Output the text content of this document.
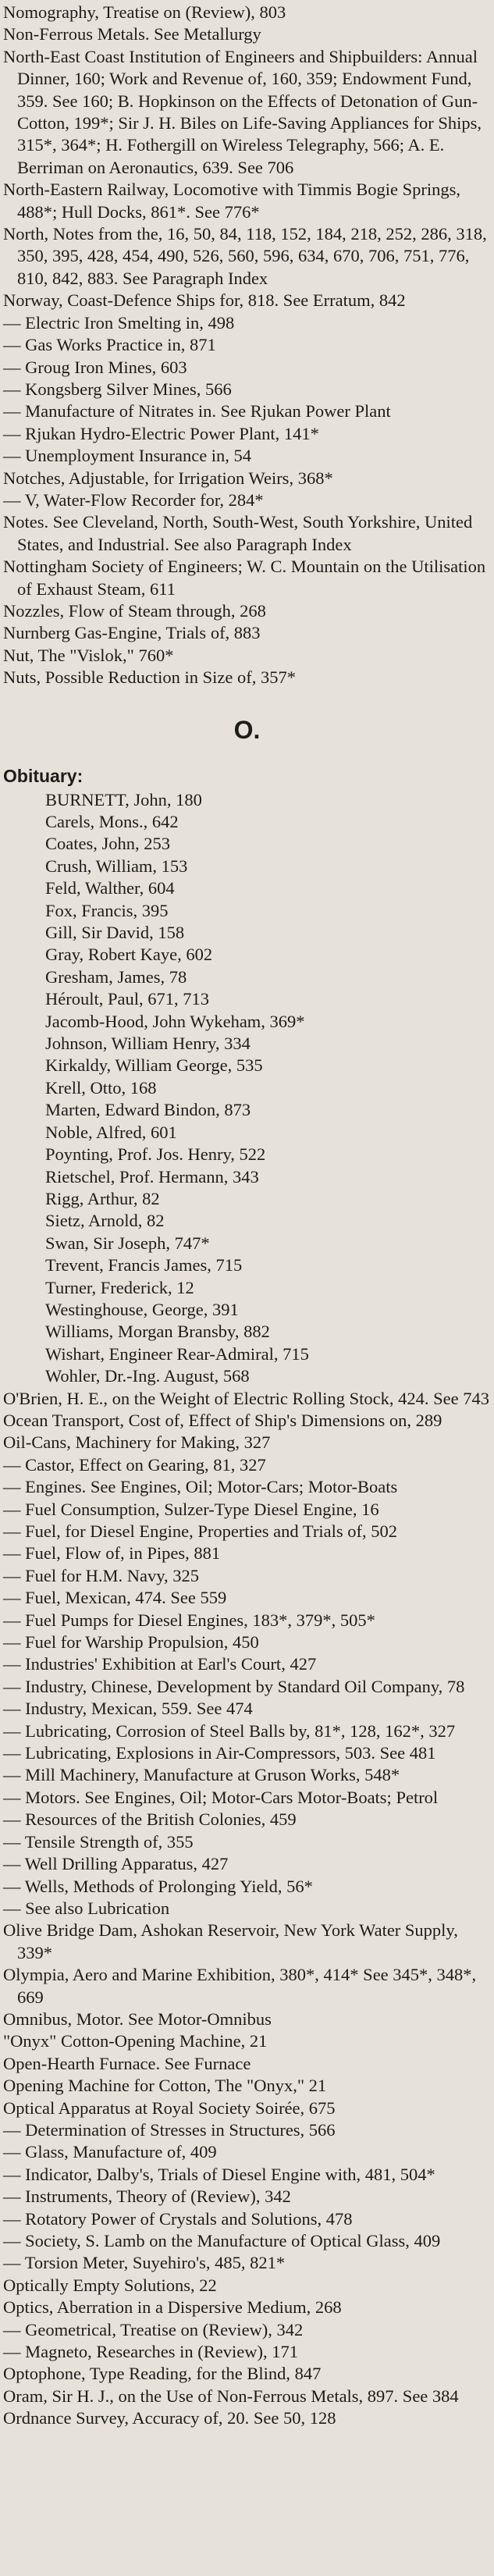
Nomography, Treatise on (Review), 803
Non-Ferrous Metals. See Metallurgy
North-East Coast Institution of Engineers and Shipbuilders: Annual Dinner, 160; Work and Revenue of, 160, 359; Endowment Fund, 359. See 160; B. Hopkinson on the Effects of Detonation of Gun-Cotton, 199*; Sir J. H. Biles on Life-Saving Appliances for Ships, 315*, 364*; H. Fothergill on Wireless Telegraphy, 566; A. E. Berriman on Aeronautics, 639. See 706
North-Eastern Railway, Locomotive with Timmis Bogie Springs, 488*; Hull Docks, 861*. See 776*
North, Notes from the, 16, 50, 84, 118, 152, 184, 218, 252, 286, 318, 350, 395, 428, 454, 490, 526, 560, 596, 634, 670, 706, 751, 776, 810, 842, 883. See Paragraph Index
Norway, Coast-Defence Ships for, 818. See Erratum, 842
— Electric Iron Smelting in, 498
— Gas Works Practice in, 871
— Groug Iron Mines, 603
— Kongsberg Silver Mines, 566
— Manufacture of Nitrates in. See Rjukan Power Plant
— Rjukan Hydro-Electric Power Plant, 141*
— Unemployment Insurance in, 54
Notches, Adjustable, for Irrigation Weirs, 368*
— V, Water-Flow Recorder for, 284*
Notes. See Cleveland, North, South-West, South Yorkshire, United States, and Industrial. See also Paragraph Index
Nottingham Society of Engineers; W. C. Mountain on the Utilisation of Exhaust Steam, 611
Nozzles, Flow of Steam through, 268
Nurnberg Gas-Engine, Trials of, 883
Nut, The "Vislok," 760*
Nuts, Possible Reduction in Size of, 357*
O.
Obituary:
BURNETT, John, 180
Carels, Mons., 642
Coates, John, 253
Crush, William, 153
Feld, Walther, 604
Fox, Francis, 395
Gill, Sir David, 158
Gray, Robert Kaye, 602
Gresham, James, 78
Héroult, Paul, 671, 713
Jacomb-Hood, John Wykeham, 369*
Johnson, William Henry, 334
Kirkaldy, William George, 535
Krell, Otto, 168
Marten, Edward Bindon, 873
Noble, Alfred, 601
Poynting, Prof. Jos. Henry, 522
Rietschel, Prof. Hermann, 343
Rigg, Arthur, 82
Sietz, Arnold, 82
Swan, Sir Joseph, 747*
Trevent, Francis James, 715
Turner, Frederick, 12
Westinghouse, George, 391
Williams, Morgan Bransby, 882
Wishart, Engineer Rear-Admiral, 715
Wohler, Dr.-Ing. August, 568
O'Brien, H. E., on the Weight of Electric Rolling Stock, 424. See 743
Ocean Transport, Cost of, Effect of Ship's Dimensions on, 289
Oil-Cans, Machinery for Making, 327
— Castor, Effect on Gearing, 81, 327
— Engines. See Engines, Oil; Motor-Cars; Motor-Boats
— Fuel Consumption, Sulzer-Type Diesel Engine, 16
— Fuel, for Diesel Engine, Properties and Trials of, 502
— Fuel, Flow of, in Pipes, 881
— Fuel for H.M. Navy, 325
— Fuel, Mexican, 474. See 559
— Fuel Pumps for Diesel Engines, 183*, 379*, 505*
— Fuel for Warship Propulsion, 450
— Industries' Exhibition at Earl's Court, 427
— Industry, Chinese, Development by Standard Oil Company, 78
— Industry, Mexican, 559. See 474
— Lubricating, Corrosion of Steel Balls by, 81*, 128, 162*, 327
— Lubricating, Explosions in Air-Compressors, 503. See 481
— Mill Machinery, Manufacture at Gruson Works, 548*
— Motors. See Engines, Oil; Motor-Cars Motor-Boats; Petrol
— Resources of the British Colonies, 459
— Tensile Strength of, 355
— Well Drilling Apparatus, 427
— Wells, Methods of Prolonging Yield, 56*
— See also Lubrication
Olive Bridge Dam, Ashokan Reservoir, New York Water Supply, 339*
Olympia, Aero and Marine Exhibition, 380*, 414* See 345*, 348*, 669
Omnibus, Motor. See Motor-Omnibus
"Onyx" Cotton-Opening Machine, 21
Open-Hearth Furnace. See Furnace
Opening Machine for Cotton, The "Onyx," 21
Optical Apparatus at Royal Society Soirée, 675
— Determination of Stresses in Structures, 566
— Glass, Manufacture of, 409
— Indicator, Dalby's, Trials of Diesel Engine with, 481, 504*
— Instruments, Theory of (Review), 342
— Rotatory Power of Crystals and Solutions, 478
— Society, S. Lamb on the Manufacture of Optical Glass, 409
— Torsion Meter, Suyehiro's, 485, 821*
Optically Empty Solutions, 22
Optics, Aberration in a Dispersive Medium, 268
— Geometrical, Treatise on (Review), 342
— Magneto, Researches in (Review), 171
Optophone, Type Reading, for the Blind, 847
Oram, Sir H. J., on the Use of Non-Ferrous Metals, 897. See 384
Ordnance Survey, Accuracy of, 20. See 50, 128
